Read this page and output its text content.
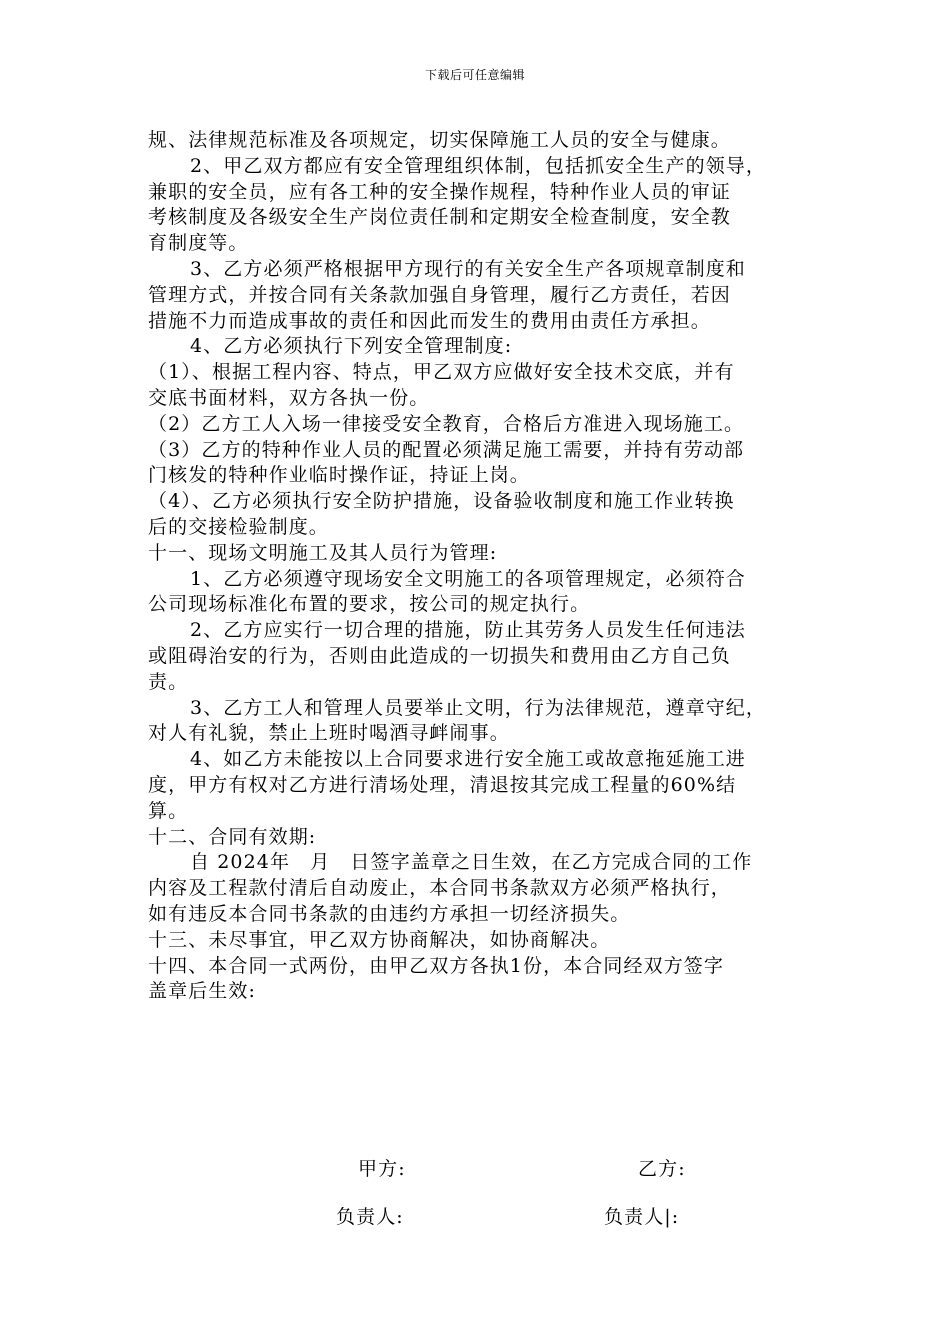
下载后可任意编辑
规、法律规范标准及各项规定，切实保障施工人员的安全与健康。
2、甲乙双方都应有安全管理组织体制，包括抓安全生产的领导，
兼职的安全员，应有各工种的安全操作规程，特种作业人员的审证
考核制度及各级安全生产岗位责任制和定期安全检查制度，安全教
育制度等。
3、乙方必须严格根据甲方现行的有关安全生产各项规章制度和
管理方式，并按合同有关条款加强自身管理，履行乙方责任，若因
措施不力而造成事故的责任和因此而发生的费用由责任方承担。
4、乙方必须执行下列安全管理制度:
（1）、根据工程内容、特点，甲乙双方应做好安全技术交底，并有
交底书面材料，双方各执一份。
（2）乙方工人入场一律接受安全教育，合格后方准进入现场施工。
（3）乙方的特种作业人员的配置必须满足施工需要，并持有劳动部
门核发的特种作业临时操作证，持证上岗。
（4）、乙方必须执行安全防护措施，设备验收制度和施工作业转换
后的交接检验制度。
十一、现场文明施工及其人员行为管理:
1、乙方必须遵守现场安全文明施工的各项管理规定，必须符合
公司现场标准化布置的要求，按公司的规定执行。
2、乙方应实行一切合理的措施，防止其劳务人员发生任何违法
或阻碍治安的行为，否则由此造成的一切损失和费用由乙方自己负
责。
3、乙方工人和管理人员要举止文明，行为法律规范，遵章守纪，
对人有礼貌，禁止上班时喝酒寻衅闹事。
4、如乙方未能按以上合同要求进行安全施工或故意拖延施工进
度，甲方有权对乙方进行清场处理，清退按其完成工程量的60%结
算。
十二、合同有效期:
自 2024年　月　日签字盖章之日生效，在乙方完成合同的工作
内容及工程款付清后自动废止，本合同书条款双方必须严格执行，
如有违反本合同书条款的由违约方承担一切经济损失。
十三、未尽事宜，甲乙双方协商解决，如协商解决。
十四、本合同一式两份，由甲乙双方各执1份，本合同经双方签字
盖章后生效:
甲方:	乙方:
负责人:	负责人|:
